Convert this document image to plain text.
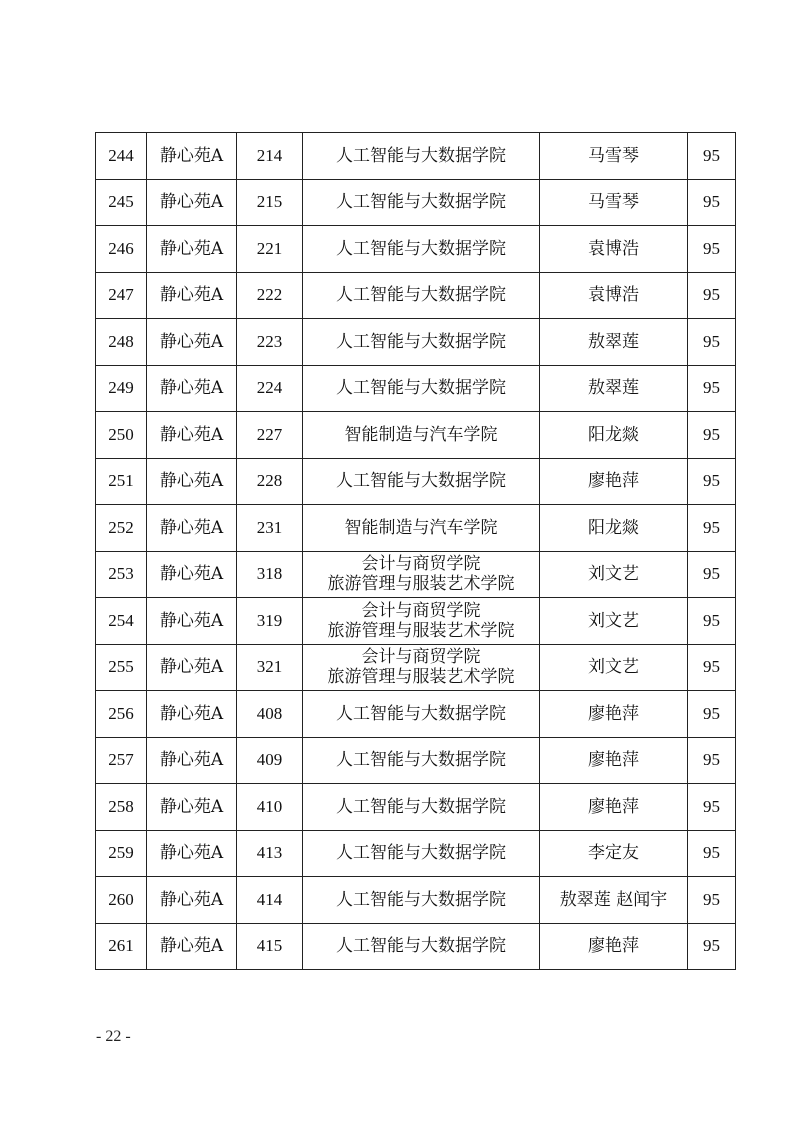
244	静心苑A	214	人工智能与大数据学院	马雪琴	95
245	静心苑A	215	人工智能与大数据学院	马雪琴	95
246	静心苑A	221	人工智能与大数据学院	袁博浩	95
247	静心苑A	222	人工智能与大数据学院	袁博浩	95
248	静心苑A	223	人工智能与大数据学院	敖翠莲	95
249	静心苑A	224	人工智能与大数据学院	敖翠莲	95
250	静心苑A	227	智能制造与汽车学院	阳龙燚	95
251	静心苑A	228	人工智能与大数据学院	廖艳萍	95
252	静心苑A	231	智能制造与汽车学院	阳龙燚	95
253	静心苑A	318	会计与商贸学院
旅游管理与服装艺术学院	刘文艺	95
254	静心苑A	319	会计与商贸学院
旅游管理与服装艺术学院	刘文艺	95
255	静心苑A	321	会计与商贸学院
旅游管理与服装艺术学院	刘文艺	95
256	静心苑A	408	人工智能与大数据学院	廖艳萍	95
257	静心苑A	409	人工智能与大数据学院	廖艳萍	95
258	静心苑A	410	人工智能与大数据学院	廖艳萍	95
259	静心苑A	413	人工智能与大数据学院	李定友	95
260	静心苑A	414	人工智能与大数据学院	敖翠莲 赵闻宇	95
261	静心苑A	415	人工智能与大数据学院	廖艳萍	95
- 22 -
